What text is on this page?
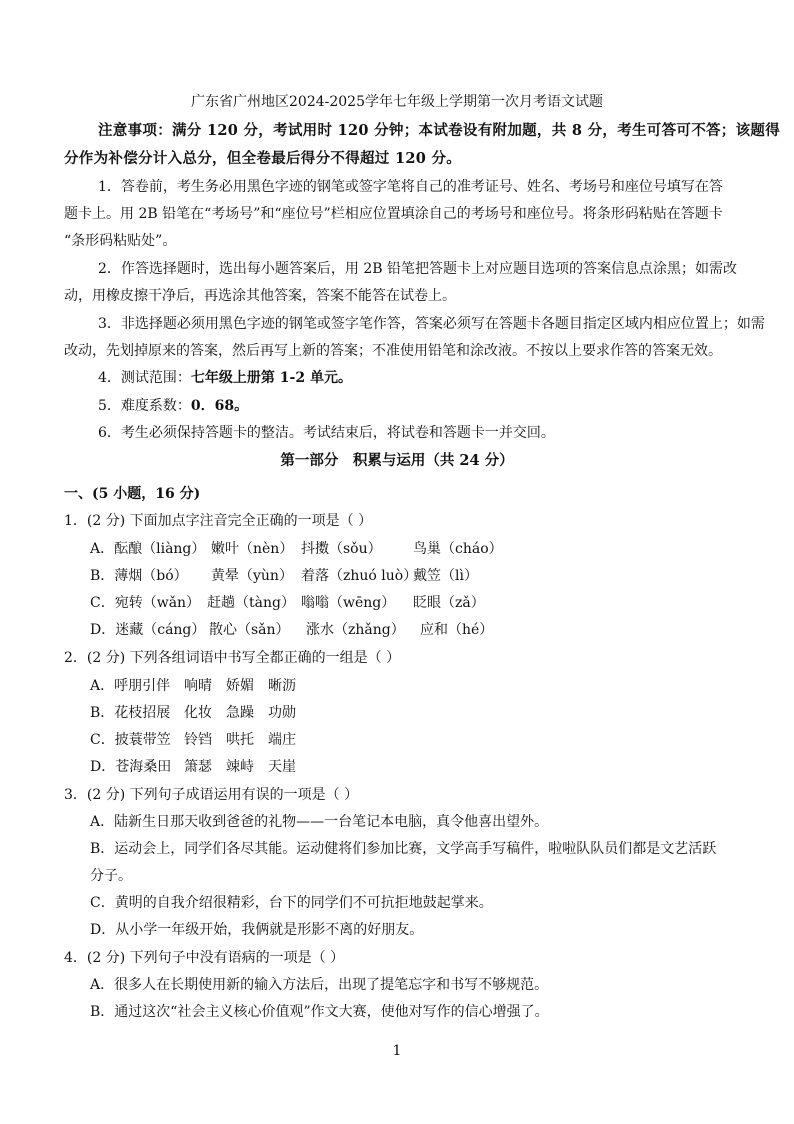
广东省广州地区2024-2025学年七年级上学期第一次月考语文试题
注意事项：满分 120 分，考试用时 120 分钟；本试卷设有附加题，共 8 分，考生可答可不答；该题得
分作为补偿分计入总分，但全卷最后得分不得超过 120 分。
1．答卷前，考生务必用黑色字迹的钢笔或签字笔将自己的准考证号、姓名、考场号和座位号填写在答
题卡上。用 2B 铅笔在“考场号”和“座位号”栏相应位置填涂自己的考场号和座位号。将条形码粘贴在答题卡
“条形码粘贴处”。
2．作答选择题时，选出每小题答案后，用 2B 铅笔把答题卡上对应题目选项的答案信息点涂黑；如需改
动，用橡皮擦干净后，再选涂其他答案，答案不能答在试卷上。
3．非选择题必须用黑色字迹的钢笔或签字笔作答，答案必须写在答题卡各题目指定区域内相应位置上；如需
改动，先划掉原来的答案，然后再写上新的答案；不准使用铅笔和涂改液。不按以上要求作答的答案无效。
4．测试范围：七年级上册第 1-2 单元。
5．难度系数：0．68。
6．考生必须保持答题卡的整洁。考试结束后，将试卷和答题卡一并交回。
第一部分　积累与运用（共 24 分）
一、(5 小题，16 分)
1．(2 分) 下面加点字注音完全正确的一项是（ ）
A．酝酿（liàng） 嫩叶（nèn） 抖擞（sǒu） 鸟巢（cháo）
B．薄烟（bó） 黄晕（yùn） 着落（zhuó luò）
戴笠（lì）
C．宛转（wǎn） 赶趟（tàng） 嗡嗡（wēng） 眨眼（zǎ）
D．迷藏（cáng） 散心（sǎn） 涨水（zhǎng） 应和（hé）
2．(2 分) 下列各组词语中书写全都正确的一组是（ ）
A．呼朋引伴 响晴 娇媚 晰沥
B．花枝招展 化妆 急躁 功勋
C．披蓑带笠 铃铛 哄托 端庄
D．苍海桑田 箫瑟 竦峙 天崖
3．(2 分) 下列句子成语运用有误的一项是（ ）
A．陆新生日那天收到爸爸的礼物——一台笔记本电脑，真令他喜出望外。
B．运动会上，同学们各尽其能。运动健将们参加比赛，文学高手写稿件，啦啦队队员们都是文艺活跃
分子。
C．黄明的自我介绍很精彩，台下的同学们不可抗拒地鼓起掌来。
D．从小学一年级开始，我俩就是形影不离的好朋友。
4．(2 分) 下列句子中没有语病的一项是（ ）
A．很多人在长期使用新的输入方法后，出现了提笔忘字和书写不够规范。
B．通过这次“社会主义核心价值观”作文大赛，使他对写作的信心增强了。
1
